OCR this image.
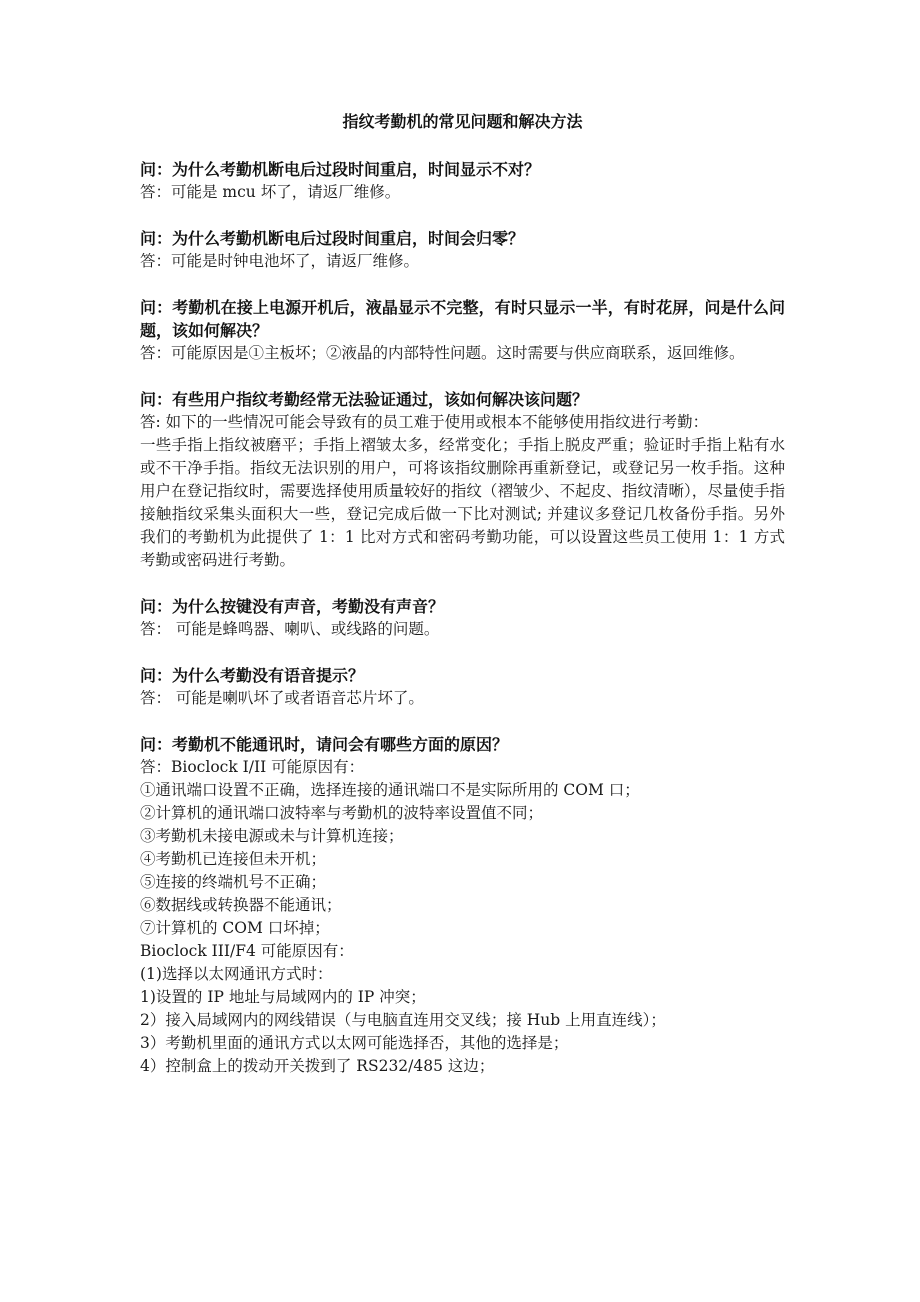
指纹考勤机的常见问题和解决方法
问：为什么考勤机断电后过段时间重启，时间显示不对？
答：可能是 mcu 坏了，请返厂维修。
问：为什么考勤机断电后过段时间重启，时间会归零？
答：可能是时钟电池坏了，请返厂维修。
问：考勤机在接上电源开机后，液晶显示不完整，有时只显示一半，有时花屏，问是什么问题，该如何解决？
答：可能原因是①主板坏；②液晶的内部特性问题。这时需要与供应商联系，返回维修。
问：有些用户指纹考勤经常无法验证通过，该如何解决该问题？
答: 如下的一些情况可能会导致有的员工难于使用或根本不能够使用指纹进行考勤：
一些手指上指纹被磨平；手指上褶皱太多，经常变化；手指上脱皮严重；验证时手指上粘有水或不干净手指。指纹无法识别的用户，可将该指纹删除再重新登记，或登记另一枚手指。这种用户在登记指纹时，需要选择使用质量较好的指纹（褶皱少、不起皮、指纹清晰），尽量使手指接触指纹采集头面积大一些，登记完成后做一下比对测试; 并建议多登记几枚备份手指。另外我们的考勤机为此提供了 1：1 比对方式和密码考勤功能，可以设置这些员工使用 1：1 方式考勤或密码进行考勤。
问：为什么按键没有声音，考勤没有声音？
答： 可能是蜂鸣器、喇叭、或线路的问题。
问：为什么考勤没有语音提示？
答： 可能是喇叭坏了或者语音芯片坏了。
问：考勤机不能通讯时，请问会有哪些方面的原因？
答：Bioclock I/II 可能原因有：
①通讯端口设置不正确，选择连接的通讯端口不是实际所用的 COM 口；
②计算机的通讯端口波特率与考勤机的波特率设置值不同；
③考勤机未接电源或未与计算机连接；
④考勤机已连接但未开机；
⑤连接的终端机号不正确；
⑥数据线或转换器不能通讯；
⑦计算机的 COM 口坏掉；
Bioclock III/F4 可能原因有：
(1)选择以太网通讯方式时：
1)设置的 IP 地址与局域网内的 IP 冲突；
2）接入局域网内的网线错误（与电脑直连用交叉线；接 Hub 上用直连线）；
3）考勤机里面的通讯方式以太网可能选择否，其他的选择是；
4）控制盒上的拨动开关拨到了 RS232/485 这边；
